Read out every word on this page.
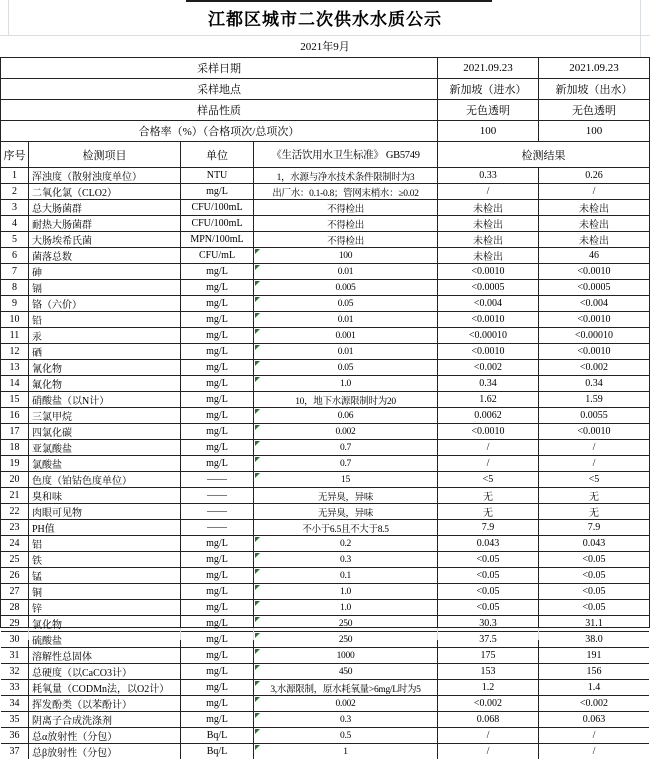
江都区城市二次供水水质公示
2021年9月
采样日期	2021.09.23	2021.09.23
采样地点	新加坡（进水）	新加坡（出水）
样品性质	无色透明	无色透明
合格率（%）（合格项次/总项次）	100	100
序号	检测项目	单位	《生活饮用水卫生标准》 GB5749	检测结果
1	浑浊度（散射浊度单位）	NTU	1，水源与净水技术条件限制时为3	0.33	0.26
2	二氧化氯（CLO2）	mg/L	出厂水：0.1-0.8；管网末梢水：≥0.02	/	/
3	总大肠菌群	CFU/100mL	不得检出	未检出	未检出
4	耐热大肠菌群	CFU/100mL	不得检出	未检出	未检出
5	大肠埃希氏菌	MPN/100mL	不得检出	未检出	未检出
6	菌落总数	CFU/mL	100	未检出	46
7	砷	mg/L	0.01	<0.0010	<0.0010
8	镉	mg/L	0.005	<0.0005	<0.0005
9	铬（六价）	mg/L	0.05	<0.004	<0.004
10	铅	mg/L	0.01	<0.0010	<0.0010
11	汞	mg/L	0.001	<0.00010	<0.00010
12	硒	mg/L	0.01	<0.0010	<0.0010
13	氰化物	mg/L	0.05	<0.002	<0.002
14	氟化物	mg/L	1.0	0.34	0.34
15	硝酸盐（以N计）	mg/L	10，地下水源限制时为20	1.62	1.59
16	三氯甲烷	mg/L	0.06	0.0062	0.0055
17	四氯化碳	mg/L	0.002	<0.0010	<0.0010
18	亚氯酸盐	mg/L	0.7	/	/
19	氯酸盐	mg/L	0.7	/	/
20	色度（铂钴色度单位）	——	15	<5	<5
21	臭和味	——	无异臭，异味	无	无
22	肉眼可见物	——	无异臭，异味	无	无
23	PH值	——	不小于6.5且不大于8.5	7.9	7.9
24	铝	mg/L	0.2	0.043	0.043
25	铁	mg/L	0.3	<0.05	<0.05
26	锰	mg/L	0.1	<0.05	<0.05
27	铜	mg/L	1.0	<0.05	<0.05
28	锌	mg/L	1.0	<0.05	<0.05
29	氯化物	mg/L	250	30.3	31.1
30	硫酸盐	mg/L	250	37.5	38.0
31	溶解性总固体	mg/L	1000	175	191
32	总硬度（以CaCO3计）	mg/L	450	153	156
33	耗氧量（CODMn法，以O2计）	mg/L	3,水源限制，原水耗氧量>6mg/L时为5	1.2	1.4
34	挥发酚类（以苯酚计）	mg/L	0.002	<0.002	<0.002
35	阴离子合成洗涤剂	mg/L	0.3	0.068	0.063
36	总α放射性（分包）	Bq/L	0.5	/	/
37	总β放射性（分包）	Bq/L	1	/	/
